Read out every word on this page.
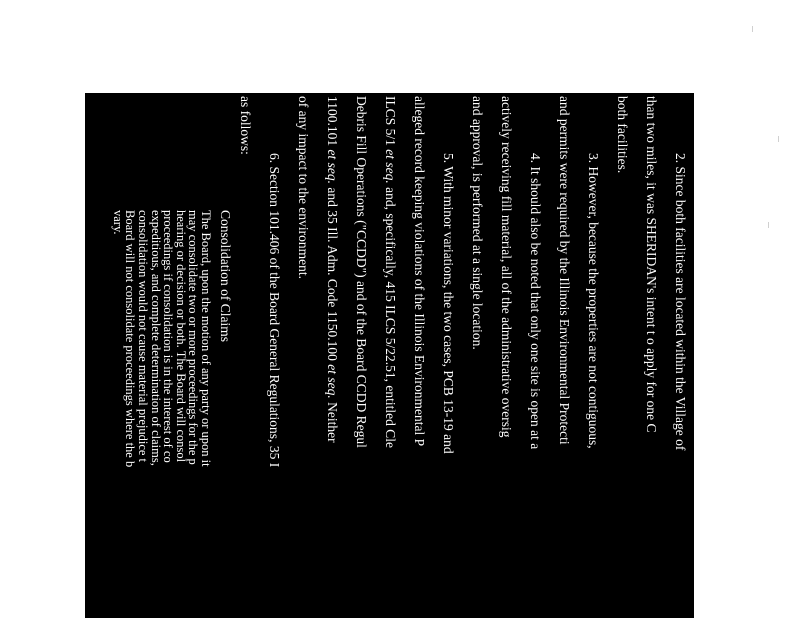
2. Since both facilities are located within the Village of
than two miles, it was SHERIDAN's intent t o apply for one C
both facilities.
3. However, because the properties are not contiguous,
and permits were required by the Illinois Environmental Protecti
4. It should also be noted that only one site is open at a
actively receiving fill material, all of the administrative oversig
and approval, is performed at a single location.
5. With minor variations, the two cases, PCB 13-19 and
alleged record keeping violations of the Illinois Environmental P
ILCS 5/1 et seq. and, specifically, 415 ILCS 5/22.51, entitled Cle
Debris Fill Operations ("CCDD") and of the Board CCDD Regul
1100.101 et seq. and 35 Ill. Adm. Code 1150.100 et seq. Neither
of any impact to the environment.
6. Section 101.406 of the Board General Regulations, 35 I
as follows:
Consolidation of Claims
The Board, upon the motion of any party or upon it
may consolidate two or more proceedings for the p
hearing or decision or both. The Board will consol
proceedings if consolidation is in the interest of co
expeditious, and complete determination of claims,
consolidation would not cause material prejudice t
Board will not consolidate proceedings where the b
vary.
